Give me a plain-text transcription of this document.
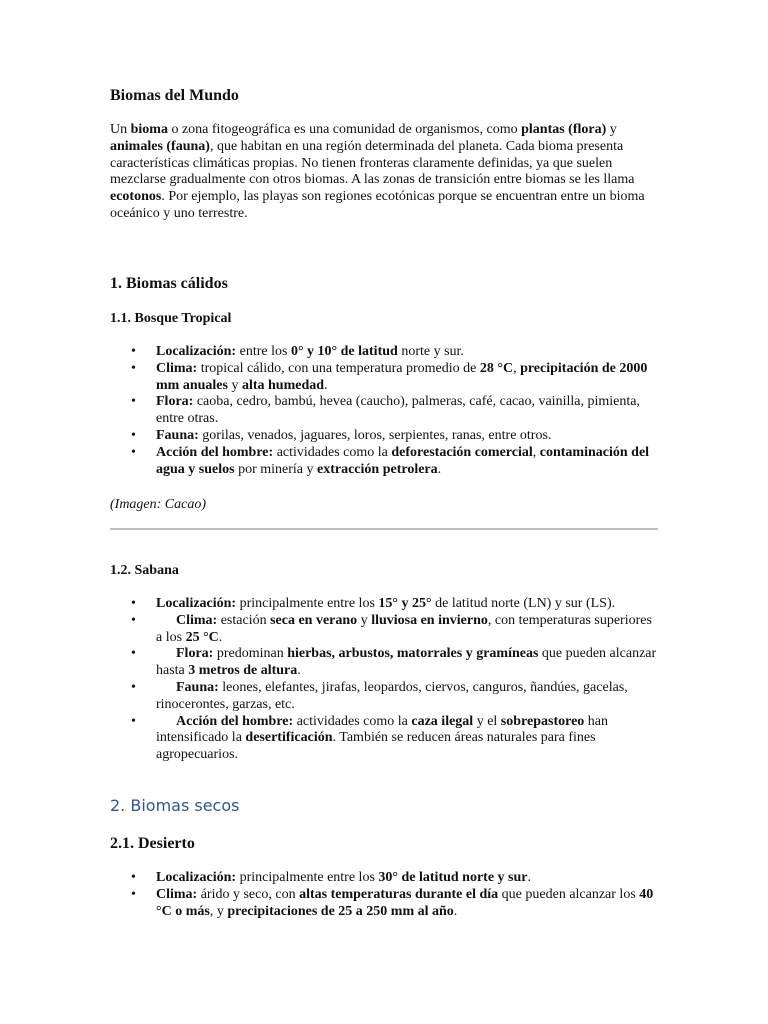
Biomas del Mundo

Un bioma o zona fitogeográfica es una comunidad de organismos, como plantas (flora) y animales (fauna), que habitan en una región determinada del planeta. Cada bioma presenta características climáticas propias. No tienen fronteras claramente definidas, ya que suelen mezclarse gradualmente con otros biomas. A las zonas de transición entre biomas se les llama ecotonos. Por ejemplo, las playas son regiones ecotónicas porque se encuentran entre un bioma oceánico y uno terrestre.

1. Biomas cálidos
1.1. Bosque Tropical
• Localización: entre los 0° y 10° de latitud norte y sur.
• Clima: tropical cálido, con una temperatura promedio de 28 °C, precipitación de 2000 mm anuales y alta humedad.
• Flora: caoba, cedro, bambú, hevea (caucho), palmeras, café, cacao, vainilla, pimienta, entre otras.
• Fauna: gorilas, venados, jaguares, loros, serpientes, ranas, entre otros.
• Acción del hombre: actividades como la deforestación comercial, contaminación del agua y suelos por minería y extracción petrolera.

(Imagen: Cacao)

1.2. Sabana
• Localización: principalmente entre los 15° y 25° de latitud norte (LN) y sur (LS).
• Clima: estación seca en verano y lluviosa en invierno, con temperaturas superiores a los 25 °C.
• Flora: predominan hierbas, arbustos, matorrales y gramíneas que pueden alcanzar hasta 3 metros de altura.
• Fauna: leones, elefantes, jirafas, leopardos, ciervos, canguros, ñandúes, gacelas, rinocerontes, garzas, etc.
• Acción del hombre: actividades como la caza ilegal y el sobrepastoreo han intensificado la desertificación. También se reducen áreas naturales para fines agropecuarios.
2. Biomas secos
2.1. Desierto
• Localización: principalmente entre los 30° de latitud norte y sur.
• Clima: árido y seco, con altas temperaturas durante el día que pueden alcanzar los 40 °C o más, y precipitaciones de 25 a 250 mm al año.
